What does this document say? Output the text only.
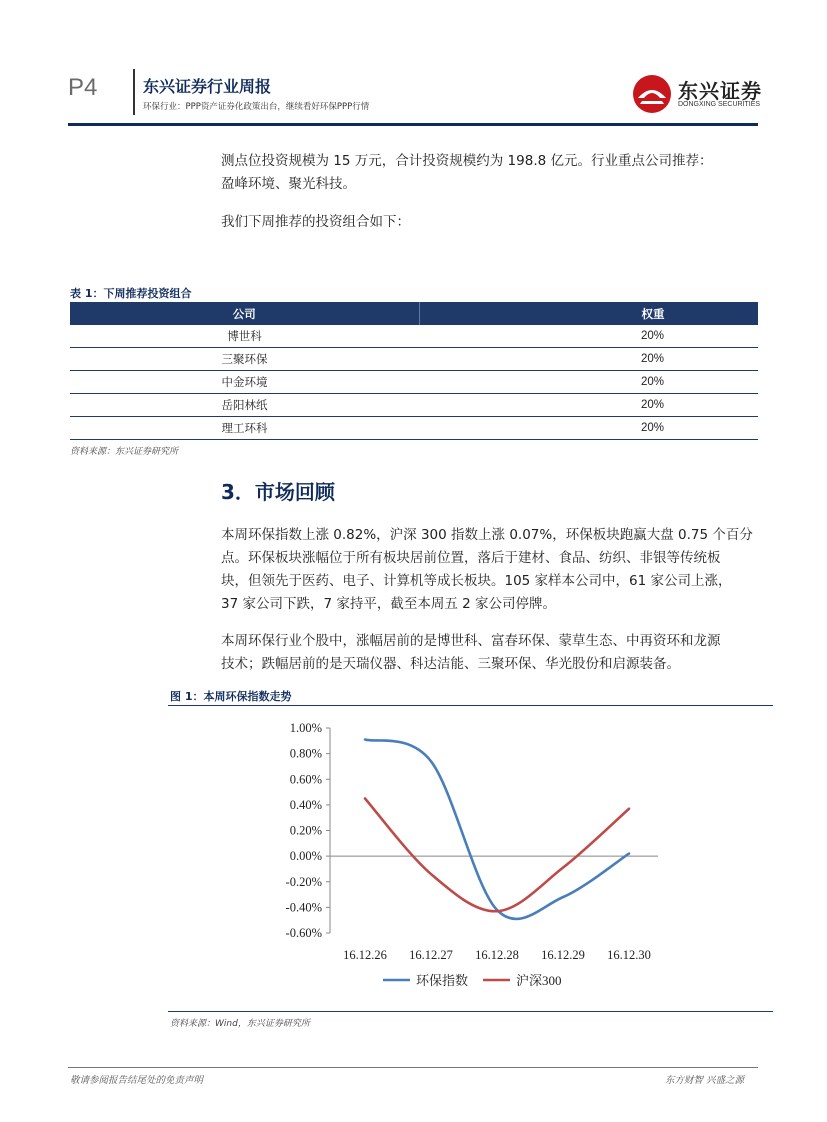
P4	东兴证券行业周报
环保行业：PPP资产证券化政策出台，继续看好环保PPP行情
东兴证券
DONGXING SECURITIES
测点位投资规模为 15 万元，合计投资规模约为 198.8 亿元。行业重点公司推荐：
盈峰环境、聚光科技。
我们下周推荐的投资组合如下：
表 1：下周推荐投资组合
公司	权重
博世科	20%
三聚环保	20%
中金环境	20%
岳阳林纸	20%
理工环科	20%
资料来源：东兴证券研究所
3．市场回顾
本周环保指数上涨 0.82%，沪深 300 指数上涨 0.07%，环保板块跑赢大盘 0.75 个百分
点。环保板块涨幅位于所有板块居前位置，落后于建材、食品、纺织、非银等传统板
块，但领先于医药、电子、计算机等成长板块。105 家样本公司中，61 家公司上涨，
37 家公司下跌，7 家持平，截至本周五 2 家公司停牌。
本周环保行业个股中，涨幅居前的是博世科、富春环保、蒙草生态、中再资环和龙源
技术；跌幅居前的是天瑞仪器、科达洁能、三聚环保、华光股份和启源装备。
图 1：本周环保指数走势
1.00%
0.80%
0.60%
0.40%
0.20%
0.00%
-0.20%
-0.40%
-0.60%
16.12.26 16.12.27 16.12.28 16.12.29 16.12.30
环保指数	沪深300
资料来源：Wind，东兴证券研究所
敬请参阅报告结尾处的免责声明	东方财智 兴盛之源
